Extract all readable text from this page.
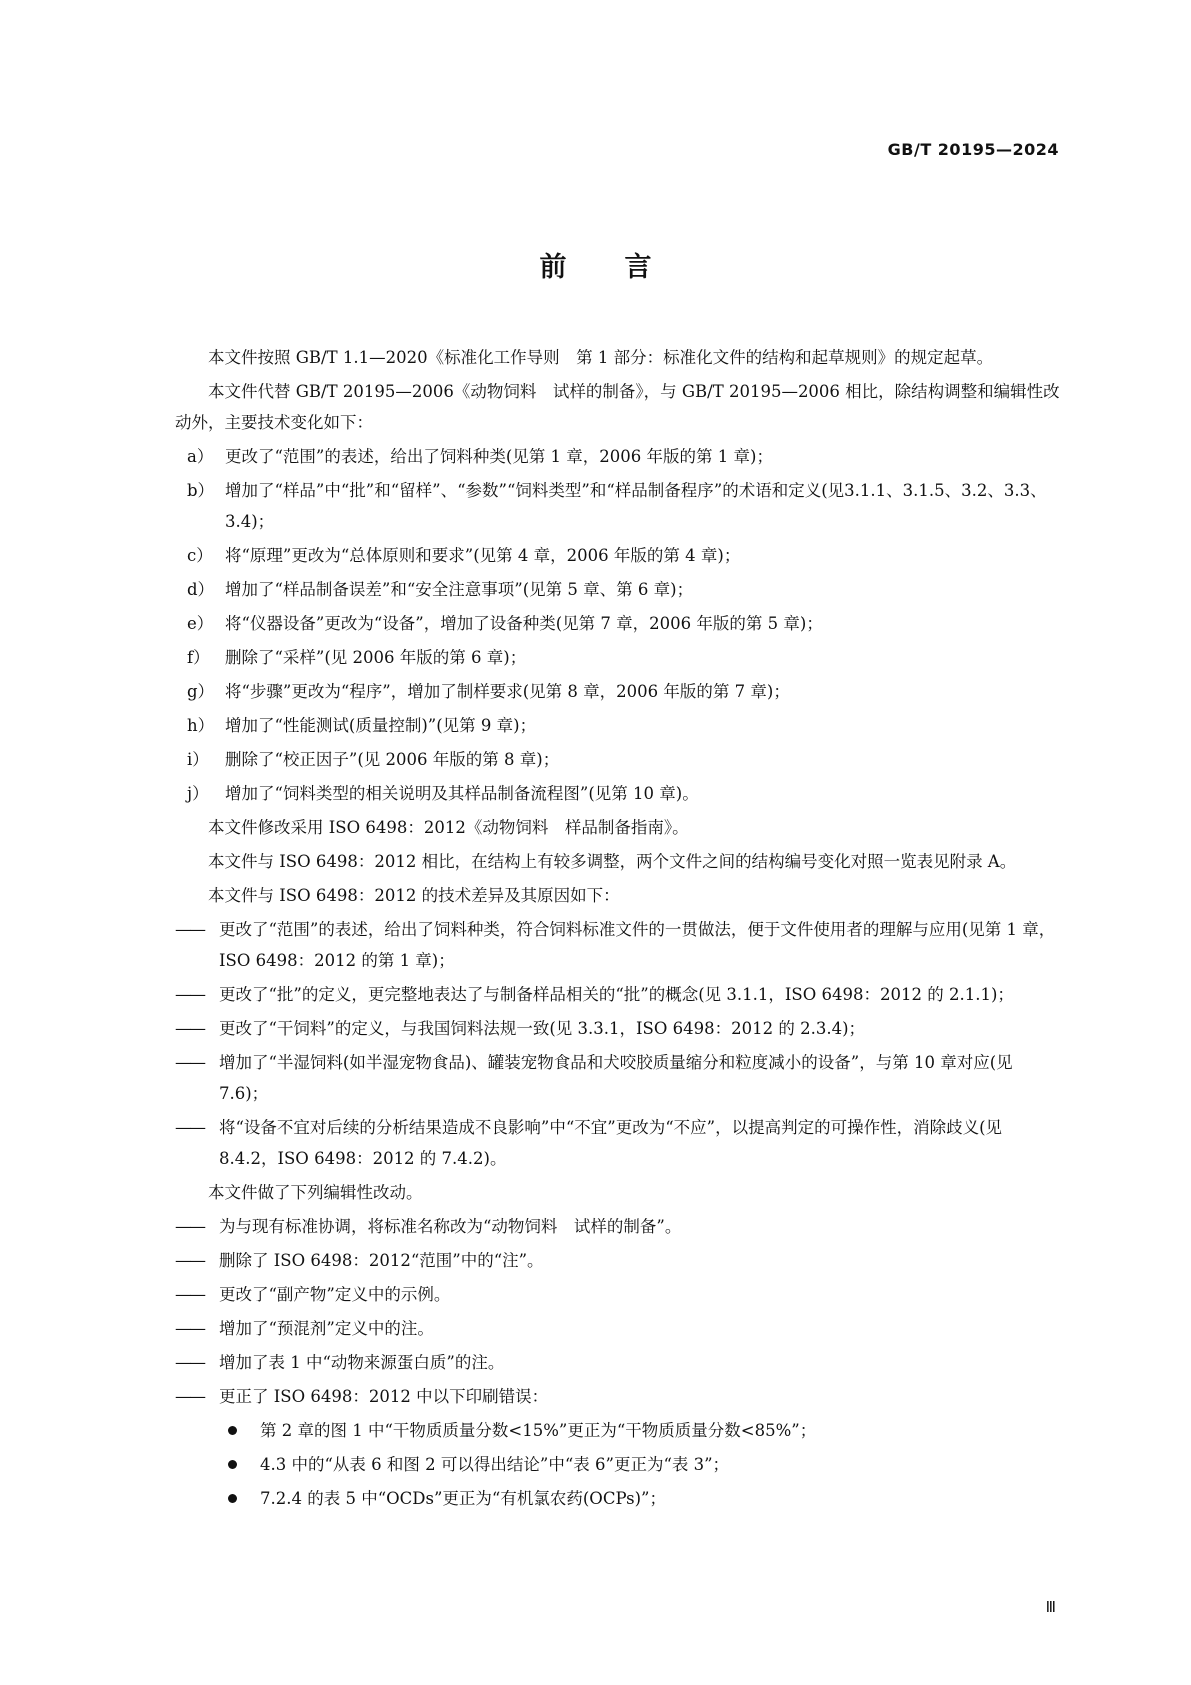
GB/T 20195—2024
前言

本文件按照 GB/T 1.1—2020《标准化工作导则　第 1 部分：标准化文件的结构和起草规则》的规定起草。

本文件代替 GB/T 20195—2006《动物饲料　试样的制备》，与 GB/T 20195—2006 相比，除结构调整和编辑性改动外，主要技术变化如下：

a） 更改了“范围”的表述，给出了饲料种类(见第 1 章，2006 年版的第 1 章)；
b） 增加了“样品”中“批”和“留样”、“参数”“饲料类型”和“样品制备程序”的术语和定义(见3.1.1、3.1.5、3.2、3.3、3.4)；
c） 将“原理”更改为“总体原则和要求”(见第 4 章，2006 年版的第 4 章)；
d） 增加了“样品制备误差”和“安全注意事项”(见第 5 章、第 6 章)；
e） 将“仪器设备”更改为“设备”，增加了设备种类(见第 7 章，2006 年版的第 5 章)；
f） 删除了“采样”(见 2006 年版的第 6 章)；
g） 将“步骤”更改为“程序”，增加了制样要求(见第 8 章，2006 年版的第 7 章)；
h） 增加了“性能测试(质量控制)”(见第 9 章)；
i） 删除了“校正因子”(见 2006 年版的第 8 章)；
j） 增加了“饲料类型的相关说明及其样品制备流程图”(见第 10 章)。

本文件修改采用 ISO 6498：2012《动物饲料　样品制备指南》。

本文件与 ISO 6498：2012 相比，在结构上有较多调整，两个文件之间的结构编号变化对照一览表见附录 A。

本文件与 ISO 6498：2012 的技术差异及其原因如下：

—— 更改了“范围”的表述，给出了饲料种类，符合饲料标准文件的一贯做法，便于文件使用者的理解与应用(见第 1 章，ISO 6498：2012 的第 1 章)；
—— 更改了“批”的定义，更完整地表达了与制备样品相关的“批”的概念(见 3.1.1，ISO 6498：2012 的 2.1.1)；
—— 更改了“干饲料”的定义，与我国饲料法规一致(见 3.3.1，ISO 6498：2012 的 2.3.4)；
—— 增加了“半湿饲料(如半湿宠物食品)、罐装宠物食品和犬咬胶质量缩分和粒度减小的设备”，与第 10 章对应(见 7.6)；
—— 将“设备不宜对后续的分析结果造成不良影响”中“不宜”更改为“不应”，以提高判定的可操作性，消除歧义(见 8.4.2，ISO 6498：2012 的 7.4.2)。

本文件做了下列编辑性改动。

—— 为与现有标准协调，将标准名称改为“动物饲料　试样的制备”。
—— 删除了 ISO 6498：2012“范围”中的“注”。
—— 更改了“副产物”定义中的示例。
—— 增加了“预混剂”定义中的注。
—— 增加了表 1 中“动物来源蛋白质”的注。
—— 更正了 ISO 6498：2012 中以下印刷错误：
第 2 章的图 1 中“干物质质量分数<15%”更正为“干物质质量分数<85%”；
4.3 中的“从表 6 和图 2 可以得出结论”中“表 6”更正为“表 3”；
7.2.4 的表 5 中“OCDs”更正为“有机氯农药(OCPs)”；
Ⅲ
